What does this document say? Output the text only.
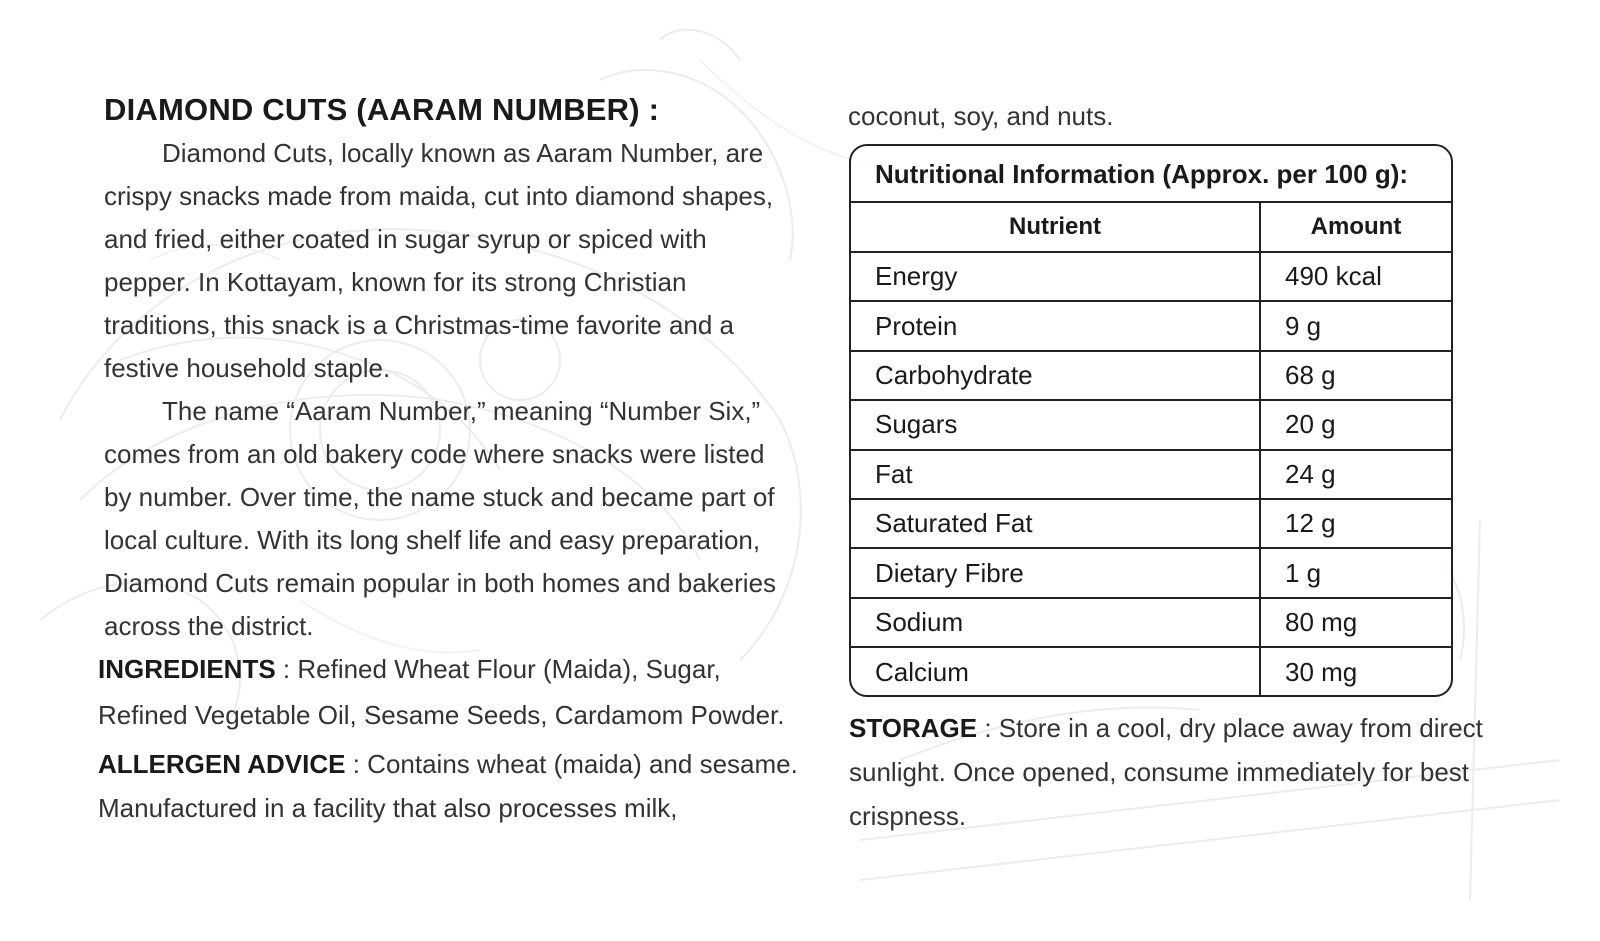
DIAMOND CUTS (AARAM NUMBER) :

Diamond Cuts, locally known as Aaram Number, are crispy snacks made from maida, cut into diamond shapes, and fried, either coated in sugar syrup or spiced with pepper. In Kottayam, known for its strong Christian traditions, this snack is a Christmas-time favorite and a festive household staple.

The name “Aaram Number,” meaning “Number Six,” comes from an old bakery code where snacks were listed by number. Over time, the name stuck and became part of local culture. With its long shelf life and easy preparation, Diamond Cuts remain popular in both homes and bakeries across the district.

INGREDIENTS : Refined Wheat Flour (Maida), Sugar, Refined Vegetable Oil, Sesame Seeds, Cardamom Powder.

ALLERGEN ADVICE : Contains wheat (maida) and sesame. Manufactured in a facility that also processes milk,

coconut, soy, and nuts.

Nutritional Information (Approx. per 100 g):
Nutrient	Amount
Energy	490 kcal
Protein	9 g
Carbohydrate	68 g
Sugars	20 g
Fat	24 g
Saturated Fat	12 g
Dietary Fibre	1 g
Sodium	80 mg
Calcium	30 mg

STORAGE : Store in a cool, dry place away from direct sunlight. Once opened, consume immediately for best crispness.
